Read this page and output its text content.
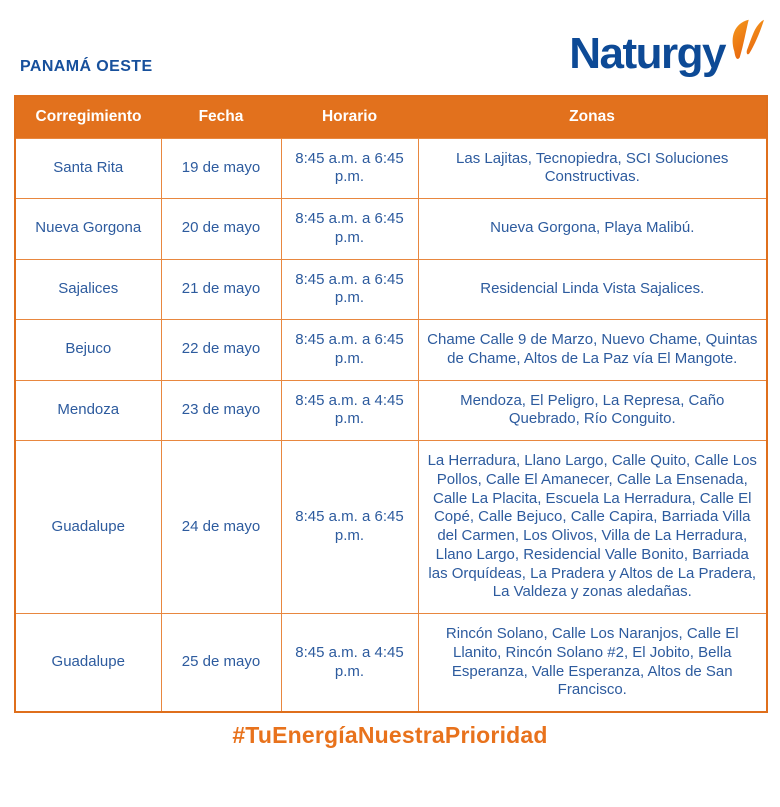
PANAMÁ OESTE	Naturgy
Corregimiento	Fecha	Horario	Zonas
Santa Rita	19 de mayo	8:45 a.m. a 6:45 p.m.	Las Lajitas, Tecnopiedra, SCI Soluciones Constructivas.
Nueva Gorgona	20 de mayo	8:45 a.m. a 6:45 p.m.	Nueva Gorgona, Playa Malibú.
Sajalices	21 de mayo	8:45 a.m. a 6:45 p.m.	Residencial Linda Vista Sajalices.
Bejuco	22 de mayo	8:45 a.m. a 6:45 p.m.	Chame Calle 9 de Marzo, Nuevo Chame, Quintas de Chame, Altos de La Paz vía El Mangote.
Mendoza	23 de mayo	8:45 a.m. a 4:45 p.m.	Mendoza, El Peligro, La Represa, Caño Quebrado, Río Conguito.
Guadalupe	24 de mayo	8:45 a.m. a 6:45 p.m.	La Herradura, Llano Largo, Calle Quito, Calle Los Pollos, Calle El Amanecer, Calle La Ensenada, Calle La Placita, Escuela La Herradura, Calle El Copé, Calle Bejuco, Calle Capira, Barriada Villa del Carmen, Los Olivos, Villa de La Herradura, Llano Largo, Residencial Valle Bonito, Barriada las Orquídeas, La Pradera y Altos de La Pradera, La Valdeza y zonas aledañas.
Guadalupe	25 de mayo	8:45 a.m. a 4:45 p.m.	Rincón Solano, Calle Los Naranjos, Calle El Llanito, Rincón Solano #2, El Jobito, Bella Esperanza, Valle Esperanza, Altos de San Francisco.
#TuEnergíaNuestraPrioridad
